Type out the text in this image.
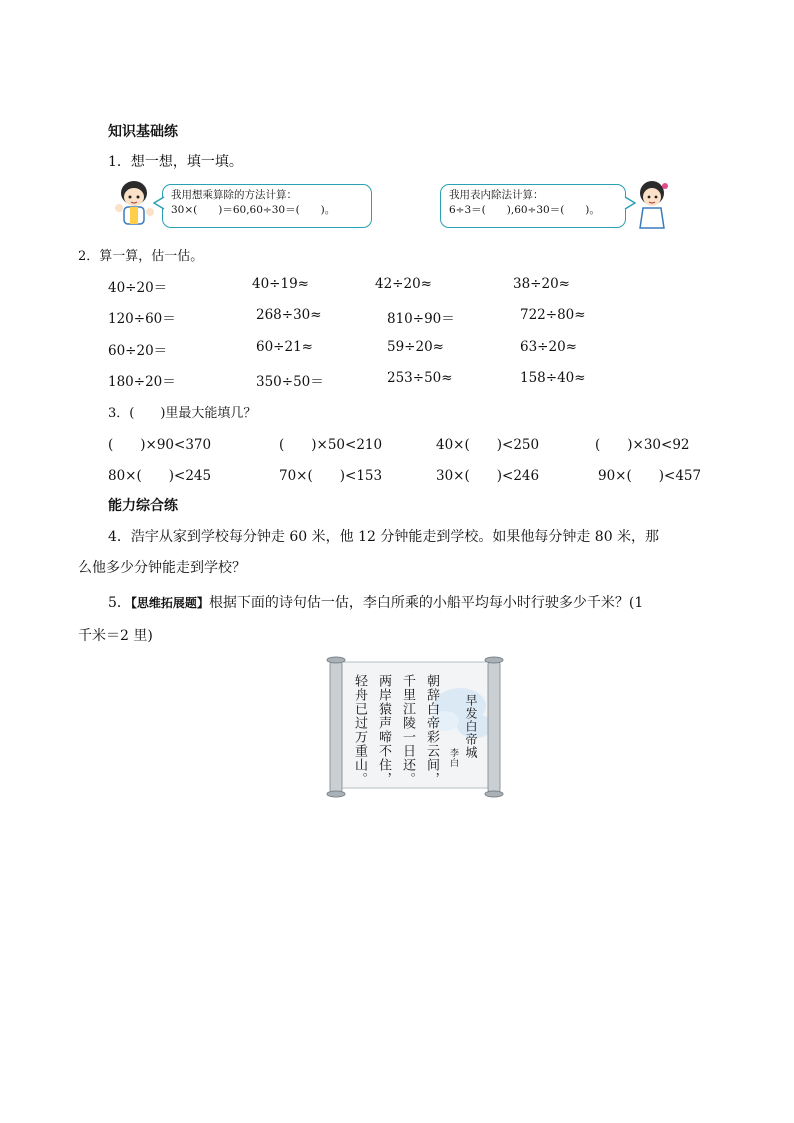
知识基础练
1．想一想，填一填。
我用想乘算除的方法计算：
30×(　　)＝60,60÷30＝(　　)。
我用表内除法计算：
6÷3＝(　　),60÷30＝(　　)。
2．算一算，估一估。
40÷20＝	40÷19≈	42÷20≈	38÷20≈
120÷60＝	268÷30≈	810÷90＝	722÷80≈
60÷20＝	60÷21≈	59÷20≈	63÷20≈
180÷20＝	350÷50＝	253÷50≈	158÷40≈
3．(　　)里最大能填几？
(　　)×90<370	(　　)×50<210	40×(　　)<250	(　　)×30<92
80×(　　)<245	70×(　　)<153	30×(　　)<246	90×(　　)<457
能力综合练
4．浩宇从家到学校每分钟走 60 米，他 12 分钟能走到学校。如果他每分钟走 80 米，那
么他多少分钟能走到学校？
5．【思维拓展题】根据下面的诗句估一估，李白所乘的小船平均每小时行驶多少千米？(1
千米＝2 里)
早发白帝城
李白
朝辞白帝彩云间，
千里江陵一日还。
两岸猿声啼不住，
轻舟已过万重山。
